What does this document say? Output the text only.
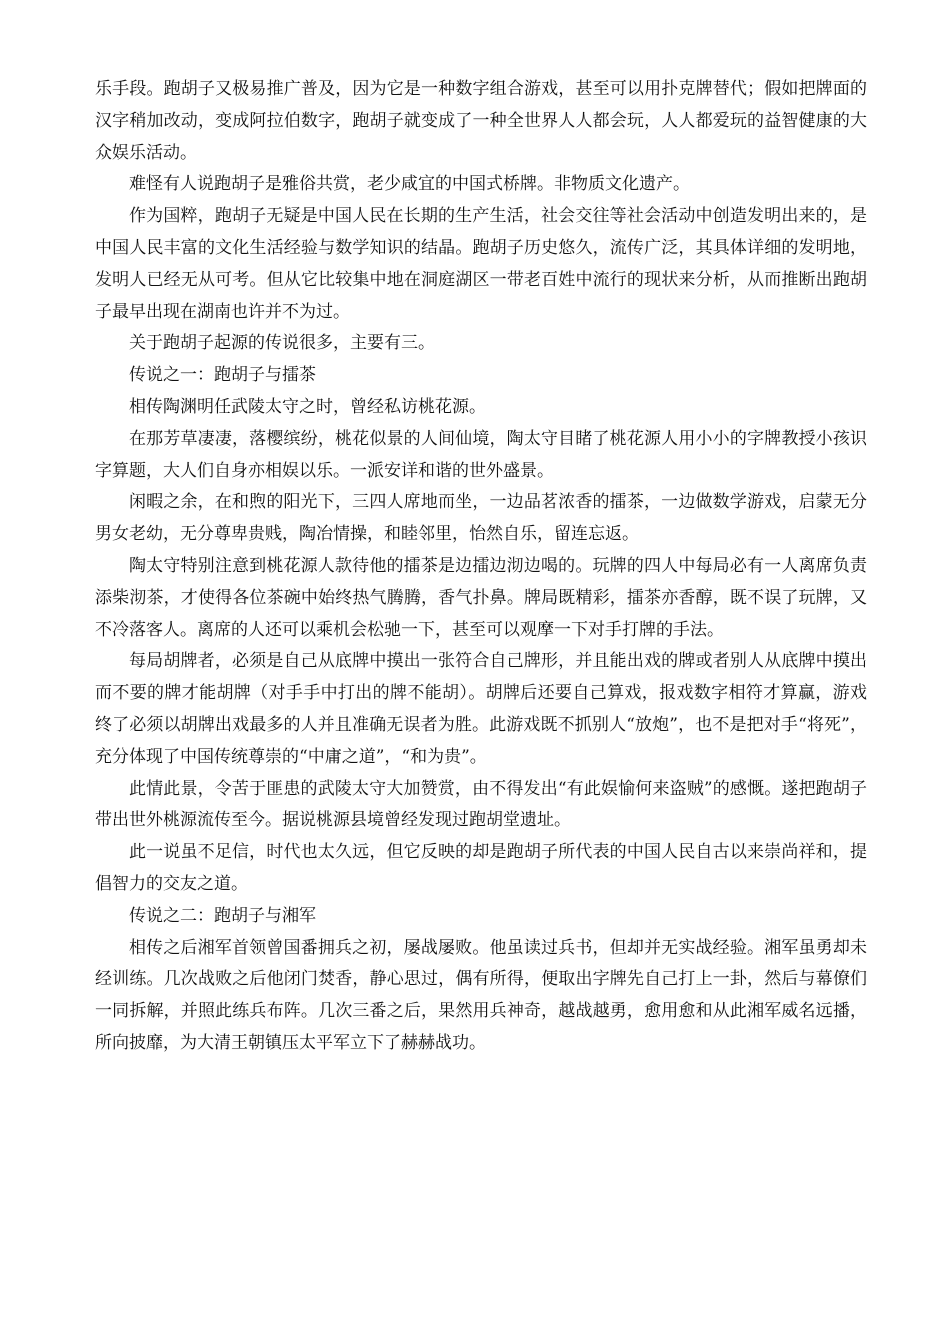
乐手段。跑胡子又极易推广普及，因为它是一种数字组合游戏，甚至可以用扑克牌替代；假如把牌面的汉字稍加改动，变成阿拉伯数字，跑胡子就变成了一种全世界人人都会玩，人人都爱玩的益智健康的大众娱乐活动。

难怪有人说跑胡子是雅俗共赏，老少咸宜的中国式桥牌。非物质文化遗产。

作为国粹，跑胡子无疑是中国人民在长期的生产生活，社会交往等社会活动中创造发明出来的，是中国人民丰富的文化生活经验与数学知识的结晶。跑胡子历史悠久，流传广泛，其具体详细的发明地，发明人已经无从可考。但从它比较集中地在洞庭湖区一带老百姓中流行的现状来分析，从而推断出跑胡子最早出现在湖南也许并不为过。

关于跑胡子起源的传说很多，主要有三。

传说之一：跑胡子与擂茶

相传陶渊明任武陵太守之时，曾经私访桃花源。

在那芳草凄凄，落樱缤纷，桃花似景的人间仙境，陶太守目睹了桃花源人用小小的字牌教授小孩识字算题，大人们自身亦相娱以乐。一派安详和谐的世外盛景。

闲暇之余，在和煦的阳光下，三四人席地而坐，一边品茗浓香的擂茶，一边做数学游戏，启蒙无分男女老幼，无分尊卑贵贱，陶冶情操，和睦邻里，怡然自乐，留连忘返。

陶太守特别注意到桃花源人款待他的擂茶是边擂边沏边喝的。玩牌的四人中每局必有一人离席负责添柴沏茶，才使得各位茶碗中始终热气腾腾，香气扑鼻。牌局既精彩，擂茶亦香醇，既不误了玩牌，又不冷落客人。离席的人还可以乘机会松驰一下，甚至可以观摩一下对手打牌的手法。

每局胡牌者，必须是自己从底牌中摸出一张符合自己牌形，并且能出戏的牌或者别人从底牌中摸出而不要的牌才能胡牌（对手手中打出的牌不能胡）。胡牌后还要自己算戏，报戏数字相符才算赢，游戏终了必须以胡牌出戏最多的人并且准确无误者为胜。此游戏既不抓别人“放炮”，也不是把对手“将死”，充分体现了中国传统尊崇的“中庸之道”，“和为贵”。

此情此景，令苦于匪患的武陵太守大加赞赏，由不得发出“有此娱愉何来盗贼”的感慨。遂把跑胡子带出世外桃源流传至今。据说桃源县境曾经发现过跑胡堂遗址。

此一说虽不足信，时代也太久远，但它反映的却是跑胡子所代表的中国人民自古以来崇尚祥和，提倡智力的交友之道。

传说之二：跑胡子与湘军

相传之后湘军首领曾国番拥兵之初，屡战屡败。他虽读过兵书，但却并无实战经验。湘军虽勇却未经训练。几次战败之后他闭门焚香，静心思过，偶有所得，便取出字牌先自己打上一卦，然后与幕僚们一同拆解，并照此练兵布阵。几次三番之后，果然用兵神奇，越战越勇，愈用愈和从此湘军威名远播，所向披靡，为大清王朝镇压太平军立下了赫赫战功。
